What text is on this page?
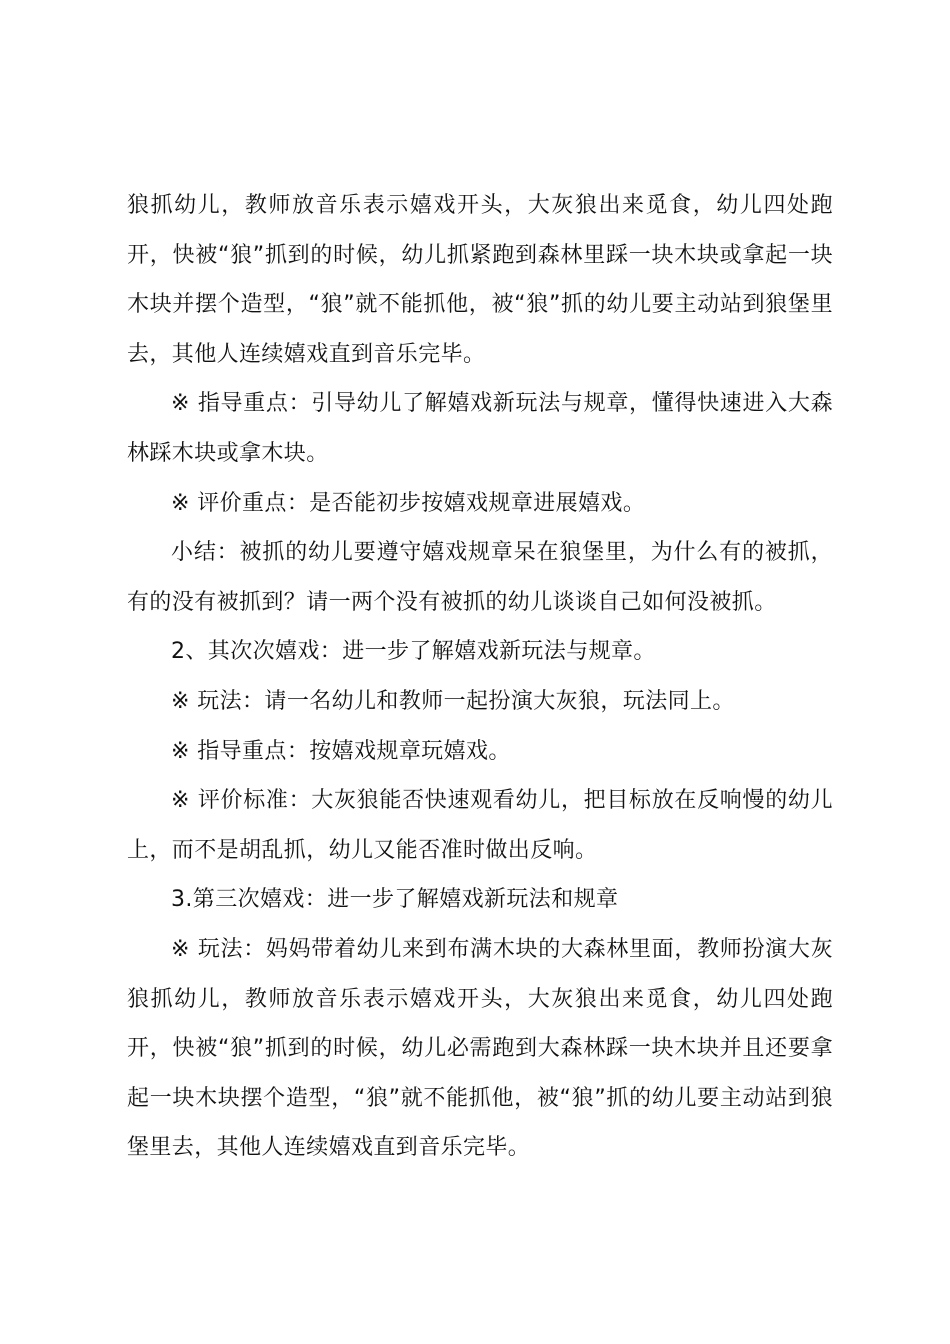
狼抓幼儿，教师放音乐表示嬉戏开头，大灰狼出来觅食，幼儿四处跑开，快被“狼”抓到的时候，幼儿抓紧跑到森林里踩一块木块或拿起一块木块并摆个造型，“狼”就不能抓他，被“狼”抓的幼儿要主动站到狼堡里去，其他人连续嬉戏直到音乐完毕。

※ 指导重点：引导幼儿了解嬉戏新玩法与规章，懂得快速进入大森林踩木块或拿木块。

※ 评价重点：是否能初步按嬉戏规章进展嬉戏。

小结：被抓的幼儿要遵守嬉戏规章呆在狼堡里，为什么有的被抓，有的没有被抓到？请一两个没有被抓的幼儿谈谈自己如何没被抓。

2、其次次嬉戏：进一步了解嬉戏新玩法与规章。

※ 玩法：请一名幼儿和教师一起扮演大灰狼，玩法同上。

※ 指导重点：按嬉戏规章玩嬉戏。

※ 评价标准：大灰狼能否快速观看幼儿，把目标放在反响慢的幼儿上，而不是胡乱抓，幼儿又能否准时做出反响。

3.第三次嬉戏：进一步了解嬉戏新玩法和规章

※ 玩法：妈妈带着幼儿来到布满木块的大森林里面，教师扮演大灰狼抓幼儿，教师放音乐表示嬉戏开头，大灰狼出来觅食，幼儿四处跑开，快被“狼”抓到的时候，幼儿必需跑到大森林踩一块木块并且还要拿起一块木块摆个造型，“狼”就不能抓他，被“狼”抓的幼儿要主动站到狼堡里去，其他人连续嬉戏直到音乐完毕。
